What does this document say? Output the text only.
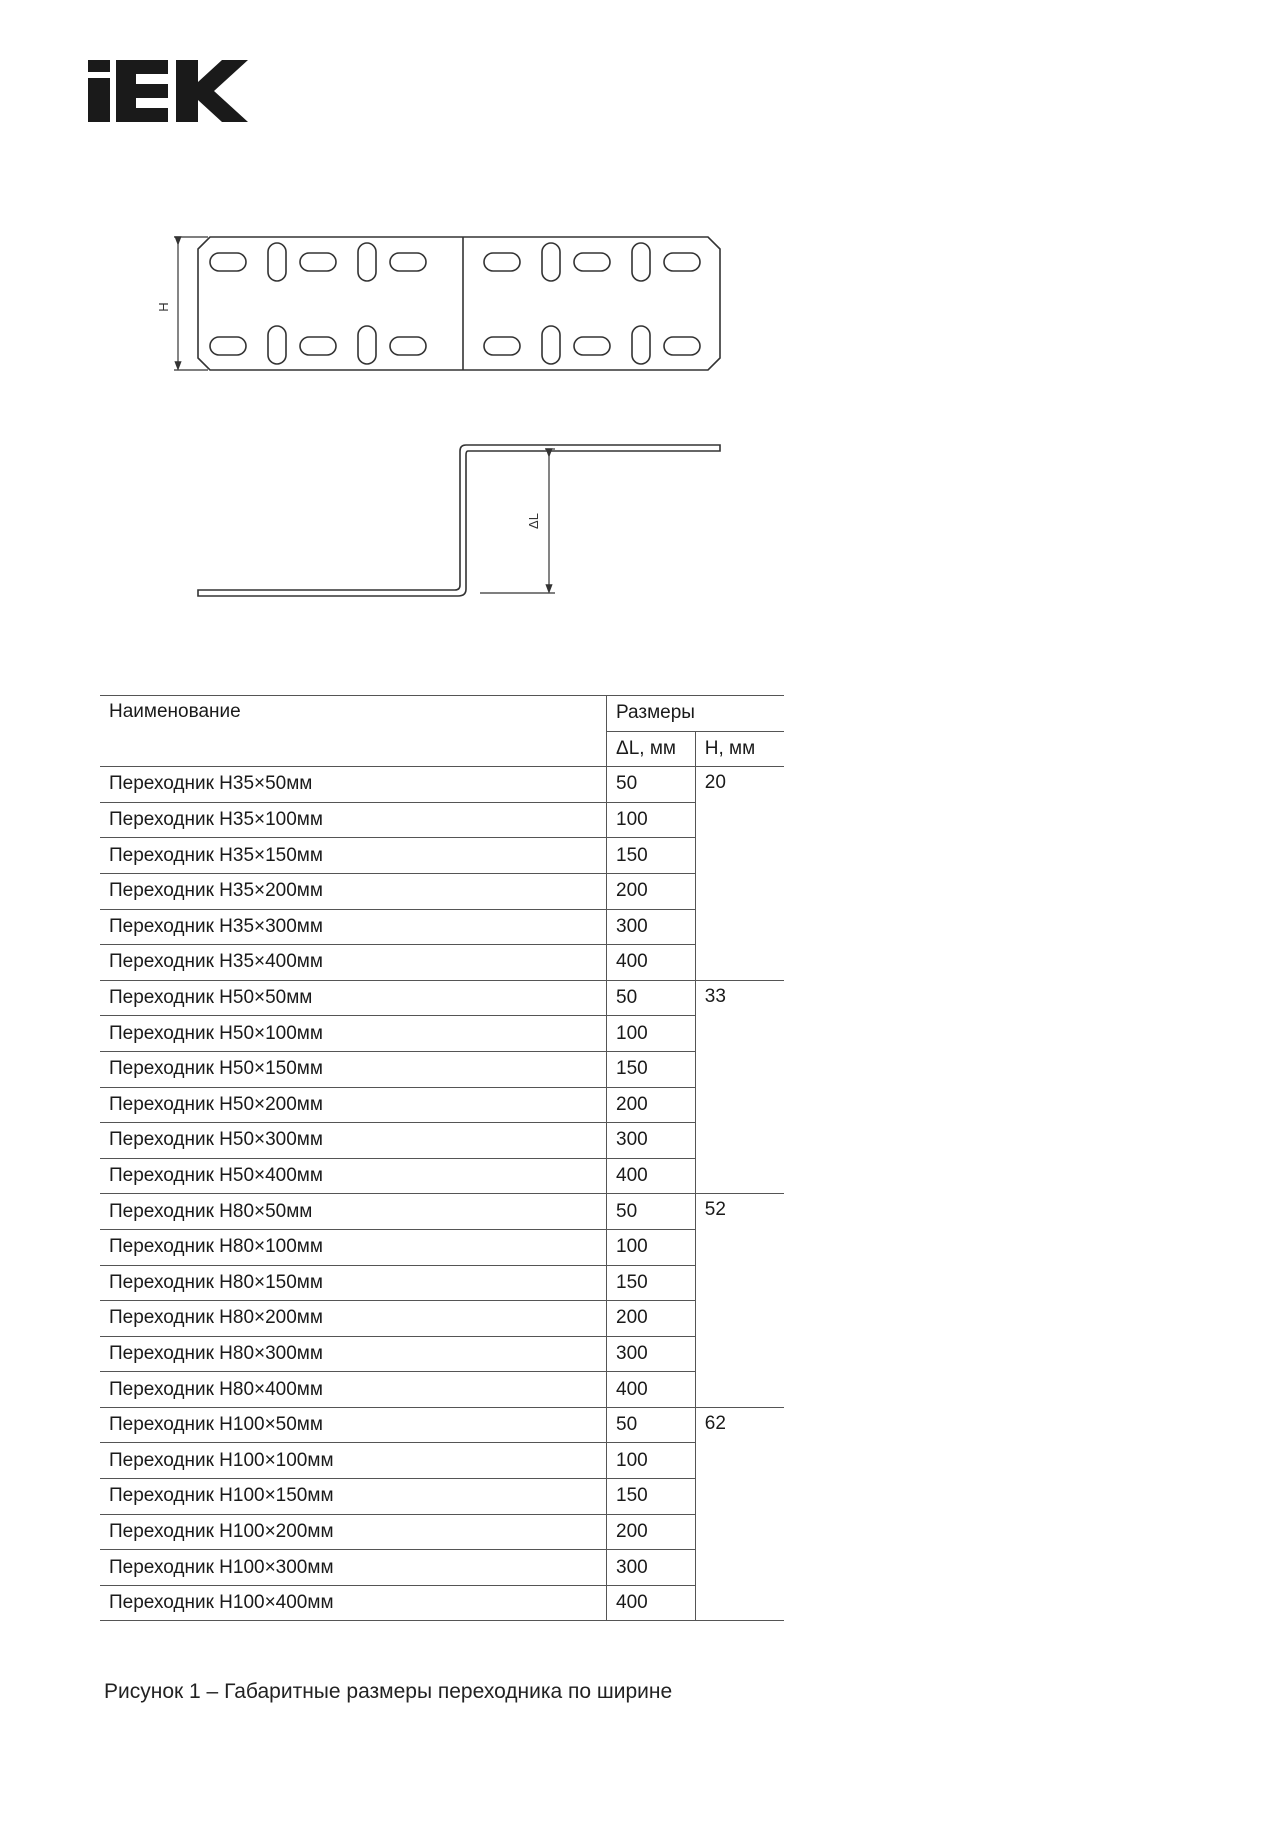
H
ΔL
Наименование	Размеры	
	ΔL, мм	H, мм
Переходник H35×50мм	50	20
Переходник H35×100мм	100	
Переходник H35×150мм	150	
Переходник H35×200мм	200	
Переходник H35×300мм	300	
Переходник H35×400мм	400	
Переходник H50×50мм	50	33
Переходник H50×100мм	100	
Переходник H50×150мм	150	
Переходник H50×200мм	200	
Переходник H50×300мм	300	
Переходник H50×400мм	400	
Переходник H80×50мм	50	52
Переходник H80×100мм	100	
Переходник H80×150мм	150	
Переходник H80×200мм	200	
Переходник H80×300мм	300	
Переходник H80×400мм	400	
Переходник H100×50мм	50	62
Переходник H100×100мм	100	
Переходник H100×150мм	150	
Переходник H100×200мм	200	
Переходник H100×300мм	300	
Переходник H100×400мм	400	
Рисунок 1 – Габаритные размеры переходника по ширине
